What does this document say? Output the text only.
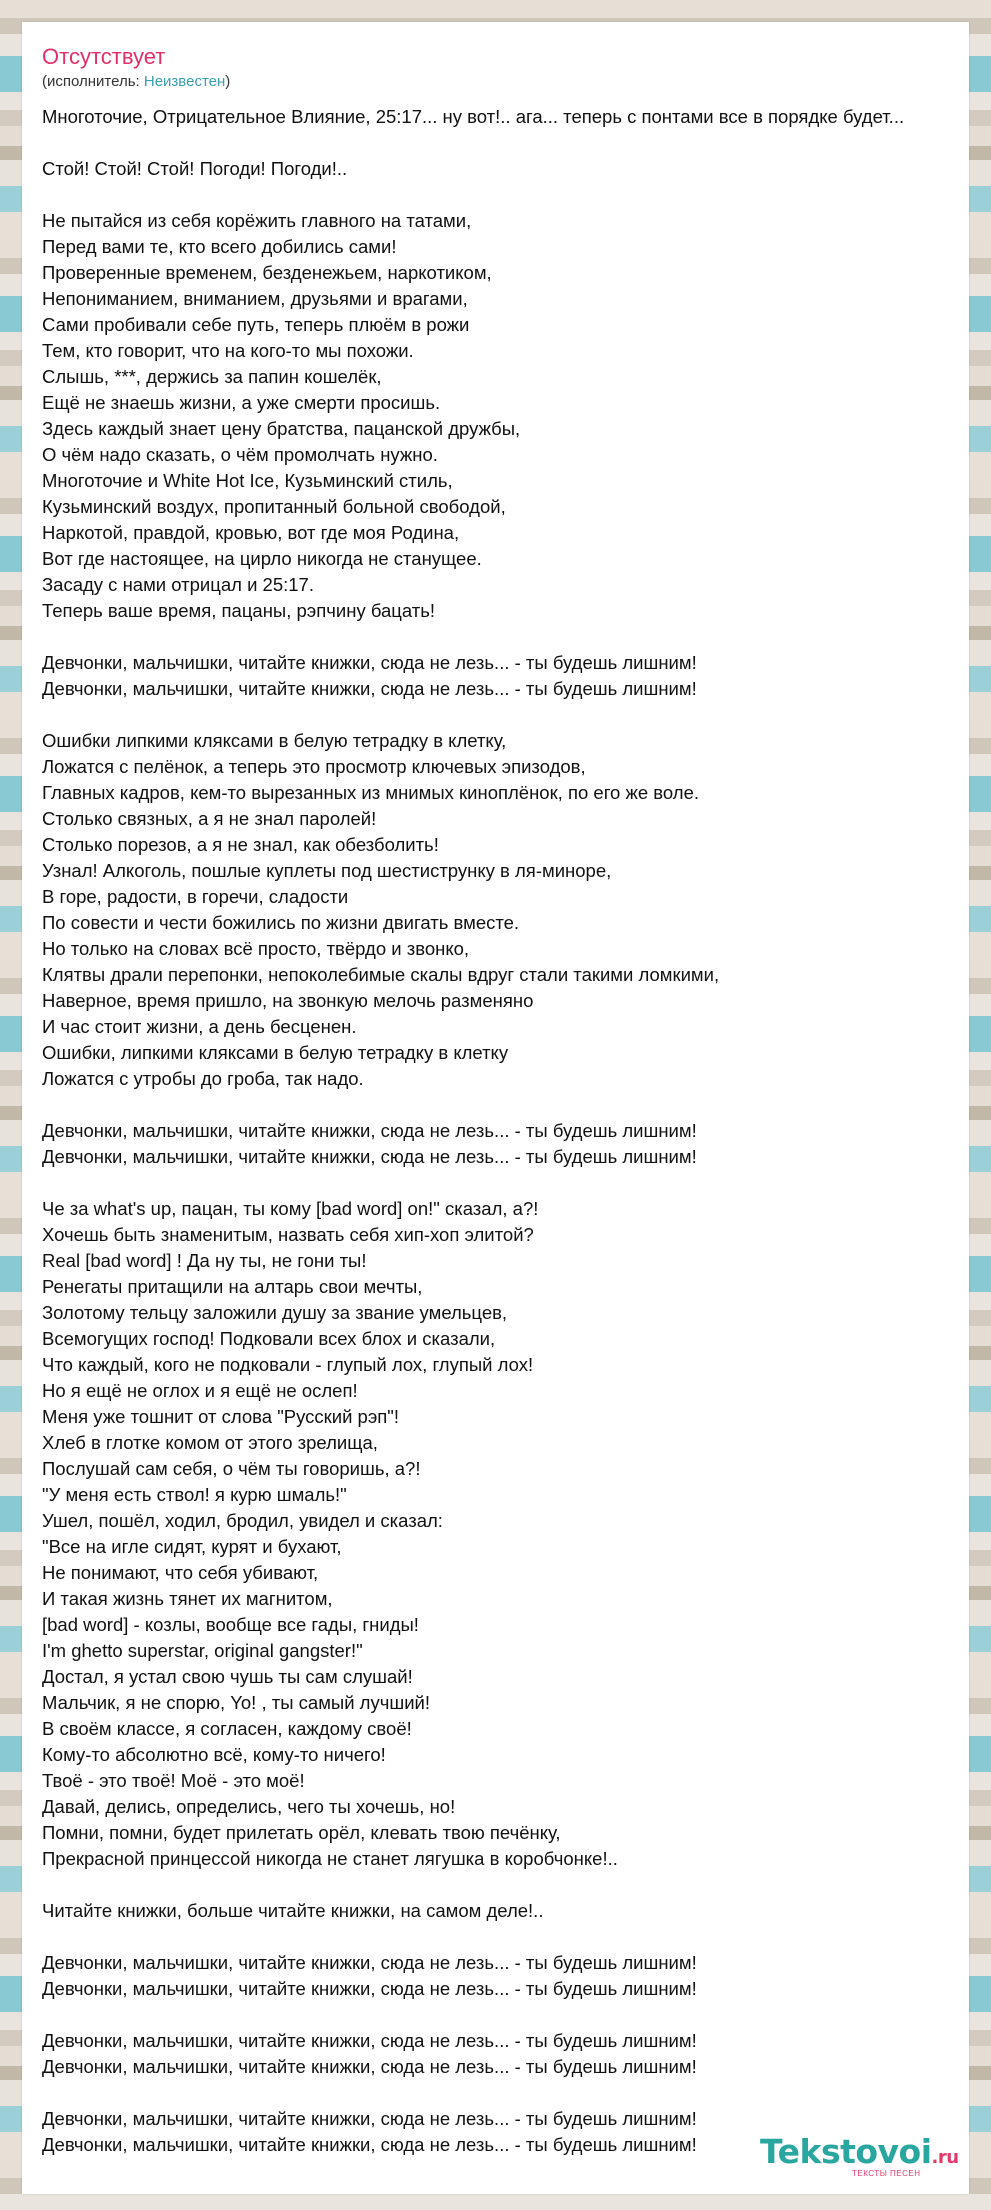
Отсутствует
(исполнитель: Неизвестен)
Многоточие, Отрицательное Влияние, 25:17... ну вот!.. ага... теперь с понтами все в порядке будет...
Стой! Стой! Стой! Погоди! Погоди!..
Не пытайся из себя корёжить главного на татами,
Перед вами те, кто всего добились сами!
Проверенные временем, безденежьем, наркотиком,
Непониманием, вниманием, друзьями и врагами,
Сами пробивали себе путь, теперь плюём в рожи
Тем, кто говорит, что на кого-то мы похожи.
Слышь, ***, держись за папин кошелёк,
Ещё не знаешь жизни, а уже смерти просишь.
Здесь каждый знает цену братства, пацанской дружбы,
О чём надо сказать, о чём промолчать нужно.
Многоточие и White Hot Ice, Кузьминский стиль,
Кузьминский воздух, пропитанный больной свободой,
Наркотой, правдой, кровью, вот где моя Родина,
Вот где настоящее, на цирло никогда не станущее.
Засаду с нами отрицал и 25:17.
Теперь ваше время, пацаны, рэпчину бацать!
Девчонки, мальчишки, читайте книжки, сюда не лезь... - ты будешь лишним!
Девчонки, мальчишки, читайте книжки, сюда не лезь... - ты будешь лишним!
Ошибки липкими кляксами в белую тетрадку в клетку,
Ложатся с пелёнок, а теперь это просмотр ключевых эпизодов,
Главных кадров, кем-то вырезанных из мнимых киноплёнок, по его же воле.
Столько связных, а я не знал паролей!
Столько порезов, а я не знал, как обезболить!
Узнал! Алкоголь, пошлые куплеты под шестиструнку в ля-миноре,
В горе, радости, в горечи, сладости
По совести и чести божились по жизни двигать вместе.
Но только на словах всё просто, твёрдо и звонко,
Клятвы драли перепонки, непоколебимые скалы вдруг стали такими ломкими,
Наверное, время пришло, на звонкую мелочь разменяно
И час стоит жизни, а день бесценен.
Ошибки, липкими кляксами в белую тетрадку в клетку
Ложатся с утробы до гроба, так надо.
Девчонки, мальчишки, читайте книжки, сюда не лезь... - ты будешь лишним!
Девчонки, мальчишки, читайте книжки, сюда не лезь... - ты будешь лишним!
Че за what's up, пацан, ты кому [bad word] on!" сказал, а?!
Хочешь быть знаменитым, назвать себя хип-хоп элитой?
Real [bad word] ! Да ну ты, не гони ты!
Ренегаты притащили на алтарь свои мечты,
Золотому тельцу заложили душу за звание умельцев,
Всемогущих господ! Подковали всех блох и сказали,
Что каждый, кого не подковали - глупый лох, глупый лох!
Но я ещё не оглох и я ещё не ослеп!
Меня уже тошнит от слова "Русский рэп"!
Хлеб в глотке комом от этого зрелища,
Послушай сам себя, о чём ты говоришь, а?!
"У меня есть ствол! я курю шмаль!"
Ушел, пошёл, ходил, бродил, увидел и сказал:
"Все на игле сидят, курят и бухают,
Не понимают, что себя убивают,
И такая жизнь тянет их магнитом,
[bad word] - козлы, вообще все гады, гниды!
I'm ghetto superstar, original gangster!"
Достал, я устал свою чушь ты сам слушай!
Мальчик, я не спорю, Yo! , ты самый лучший!
В своём классе, я согласен, каждому своё!
Кому-то абсолютно всё, кому-то ничего!
Твоё - это твоё! Моё - это моё!
Давай, делись, определись, чего ты хочешь, но!
Помни, помни, будет прилетать орёл, клевать твою печёнку,
Прекрасной принцессой никогда не станет лягушка в коробчонке!..
Читайте книжки, больше читайте книжки, на самом деле!..
Девчонки, мальчишки, читайте книжки, сюда не лезь... - ты будешь лишним!
Девчонки, мальчишки, читайте книжки, сюда не лезь... - ты будешь лишним!
Девчонки, мальчишки, читайте книжки, сюда не лезь... - ты будешь лишним!
Девчонки, мальчишки, читайте книжки, сюда не лезь... - ты будешь лишним!
Девчонки, мальчишки, читайте книжки, сюда не лезь... - ты будешь лишним!
Девчонки, мальчишки, читайте книжки, сюда не лезь... - ты будешь лишним!	Tekstovoi.ru
ТЕКСТЫ ПЕСЕН
